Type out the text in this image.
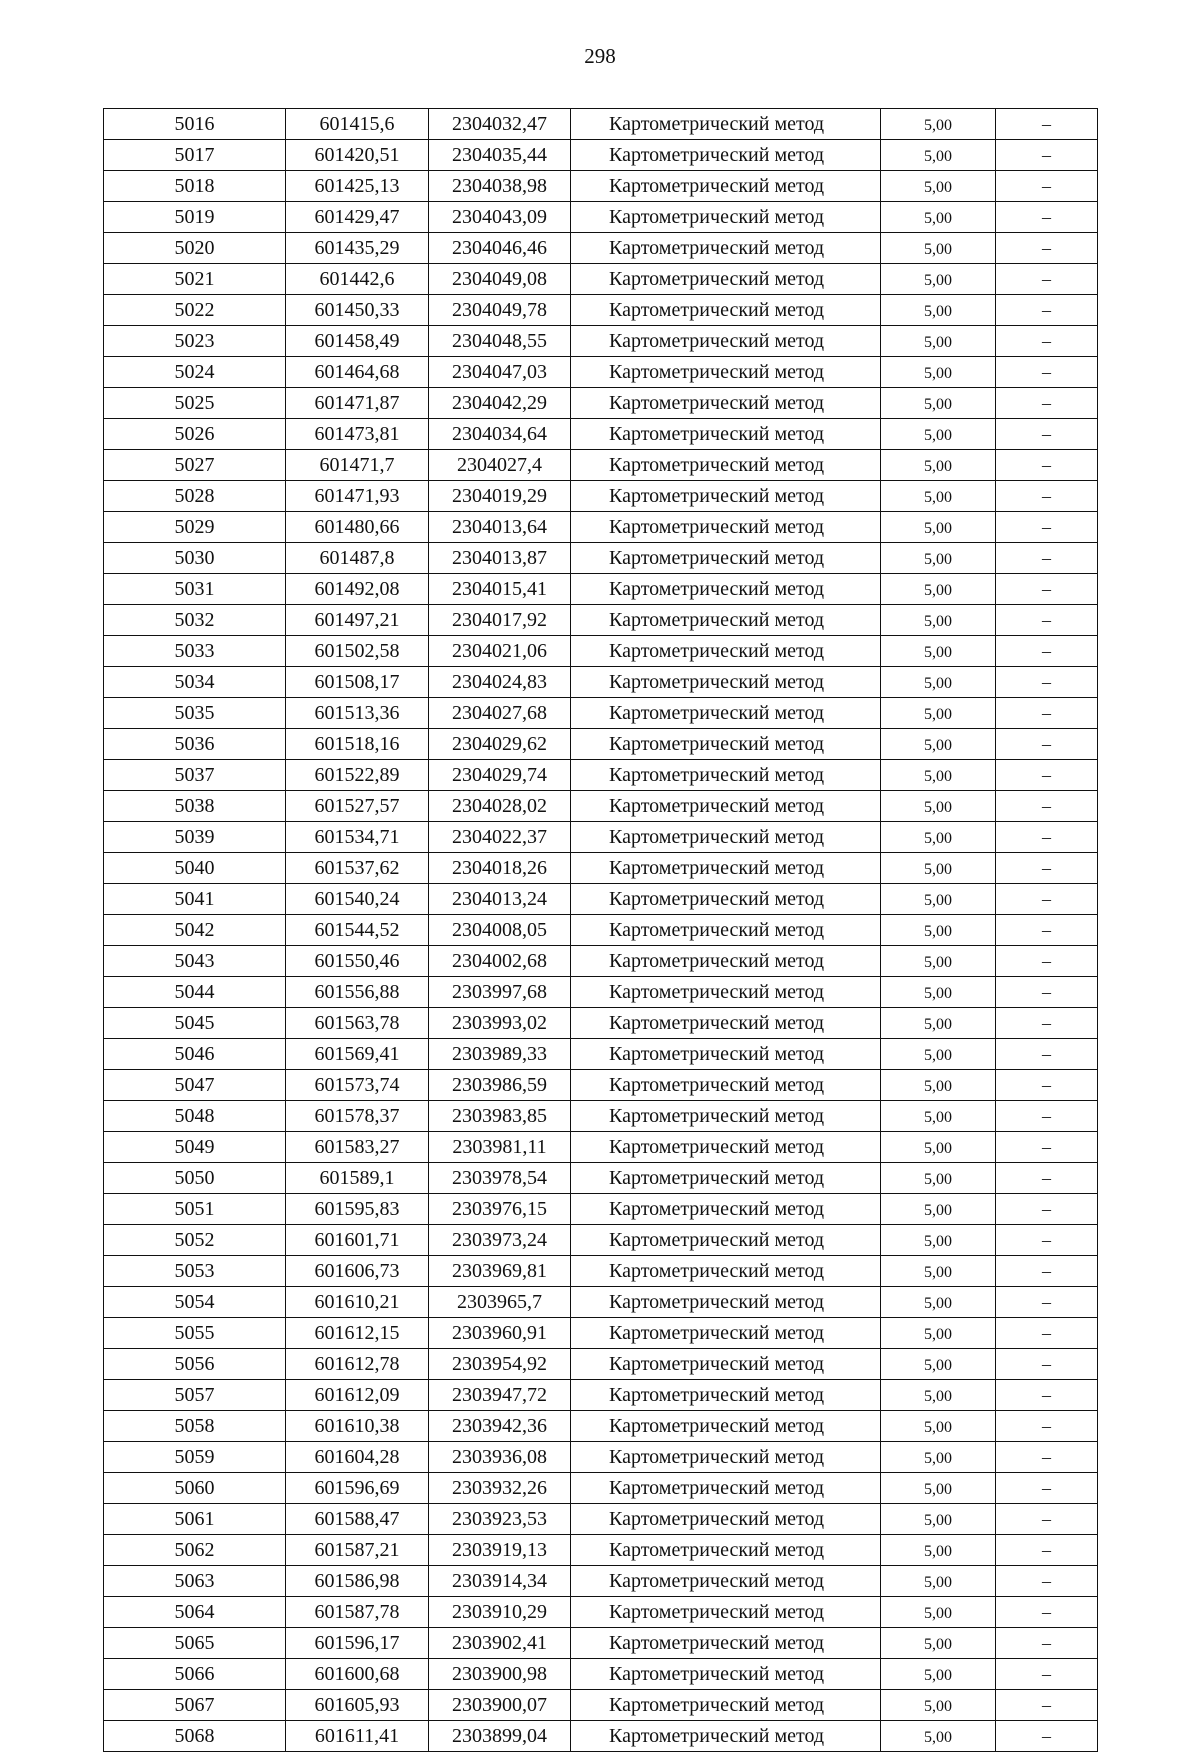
298
5016	601415,6	2304032,47	Картометрический метод	5,00	–
5017	601420,51	2304035,44	Картометрический метод	5,00	–
5018	601425,13	2304038,98	Картометрический метод	5,00	–
5019	601429,47	2304043,09	Картометрический метод	5,00	–
5020	601435,29	2304046,46	Картометрический метод	5,00	–
5021	601442,6	2304049,08	Картометрический метод	5,00	–
5022	601450,33	2304049,78	Картометрический метод	5,00	–
5023	601458,49	2304048,55	Картометрический метод	5,00	–
5024	601464,68	2304047,03	Картометрический метод	5,00	–
5025	601471,87	2304042,29	Картометрический метод	5,00	–
5026	601473,81	2304034,64	Картометрический метод	5,00	–
5027	601471,7	2304027,4	Картометрический метод	5,00	–
5028	601471,93	2304019,29	Картометрический метод	5,00	–
5029	601480,66	2304013,64	Картометрический метод	5,00	–
5030	601487,8	2304013,87	Картометрический метод	5,00	–
5031	601492,08	2304015,41	Картометрический метод	5,00	–
5032	601497,21	2304017,92	Картометрический метод	5,00	–
5033	601502,58	2304021,06	Картометрический метод	5,00	–
5034	601508,17	2304024,83	Картометрический метод	5,00	–
5035	601513,36	2304027,68	Картометрический метод	5,00	–
5036	601518,16	2304029,62	Картометрический метод	5,00	–
5037	601522,89	2304029,74	Картометрический метод	5,00	–
5038	601527,57	2304028,02	Картометрический метод	5,00	–
5039	601534,71	2304022,37	Картометрический метод	5,00	–
5040	601537,62	2304018,26	Картометрический метод	5,00	–
5041	601540,24	2304013,24	Картометрический метод	5,00	–
5042	601544,52	2304008,05	Картометрический метод	5,00	–
5043	601550,46	2304002,68	Картометрический метод	5,00	–
5044	601556,88	2303997,68	Картометрический метод	5,00	–
5045	601563,78	2303993,02	Картометрический метод	5,00	–
5046	601569,41	2303989,33	Картометрический метод	5,00	–
5047	601573,74	2303986,59	Картометрический метод	5,00	–
5048	601578,37	2303983,85	Картометрический метод	5,00	–
5049	601583,27	2303981,11	Картометрический метод	5,00	–
5050	601589,1	2303978,54	Картометрический метод	5,00	–
5051	601595,83	2303976,15	Картометрический метод	5,00	–
5052	601601,71	2303973,24	Картометрический метод	5,00	–
5053	601606,73	2303969,81	Картометрический метод	5,00	–
5054	601610,21	2303965,7	Картометрический метод	5,00	–
5055	601612,15	2303960,91	Картометрический метод	5,00	–
5056	601612,78	2303954,92	Картометрический метод	5,00	–
5057	601612,09	2303947,72	Картометрический метод	5,00	–
5058	601610,38	2303942,36	Картометрический метод	5,00	–
5059	601604,28	2303936,08	Картометрический метод	5,00	–
5060	601596,69	2303932,26	Картометрический метод	5,00	–
5061	601588,47	2303923,53	Картометрический метод	5,00	–
5062	601587,21	2303919,13	Картометрический метод	5,00	–
5063	601586,98	2303914,34	Картометрический метод	5,00	–
5064	601587,78	2303910,29	Картометрический метод	5,00	–
5065	601596,17	2303902,41	Картометрический метод	5,00	–
5066	601600,68	2303900,98	Картометрический метод	5,00	–
5067	601605,93	2303900,07	Картометрический метод	5,00	–
5068	601611,41	2303899,04	Картометрический метод	5,00	–
